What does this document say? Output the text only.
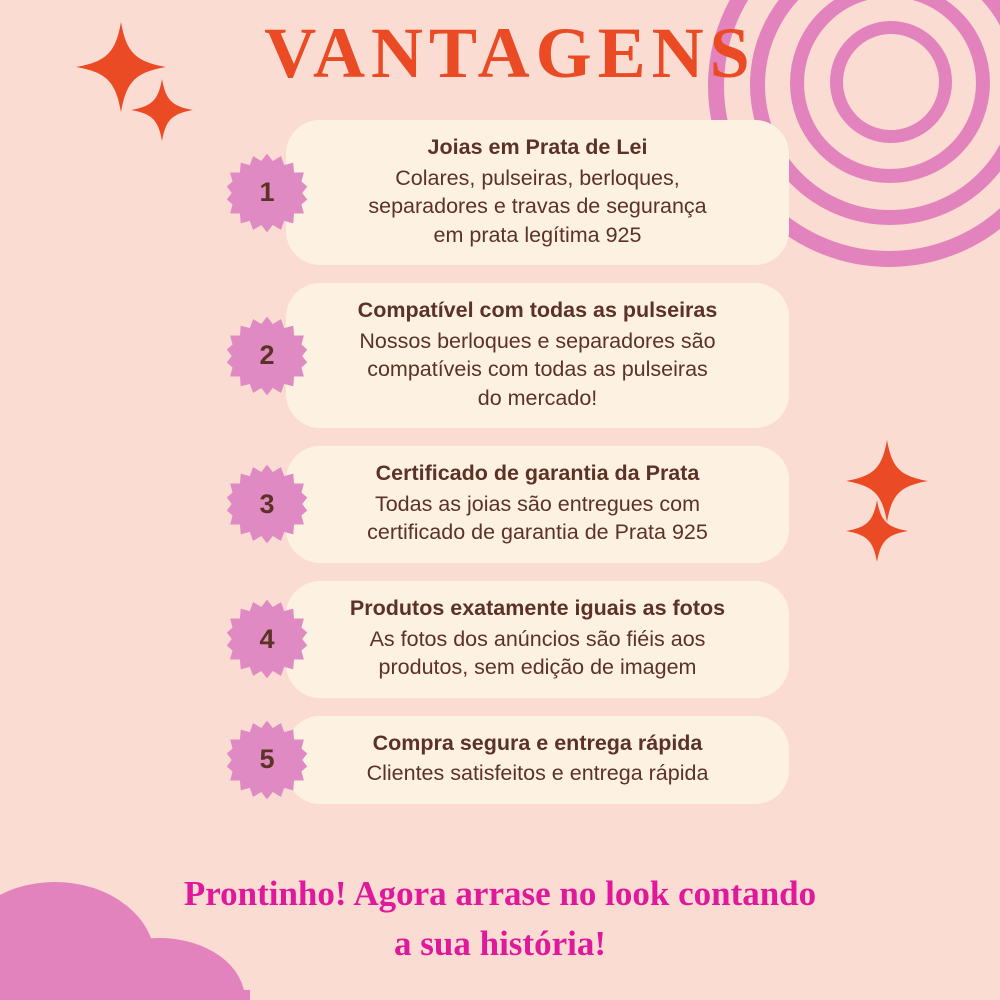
VANTAGENS
1
Joias em Prata de Lei

Colares, pulseiras, berloques,

separadores e travas de segurança

em prata legítima 925

2
Compatível com todas as pulseiras

Nossos berloques e separadores são

compatíveis com todas as pulseiras

do mercado!

3
Certificado de garantia da Prata

Todas as joias são entregues com

certificado de garantia de Prata 925

4
Produtos exatamente iguais as fotos

As fotos dos anúncios são fiéis aos

produtos, sem edição de imagem

5
Compra segura e entrega rápida

Clientes satisfeitos e entrega rápida

Prontinho! Agora arrase no look contando
a sua história!
